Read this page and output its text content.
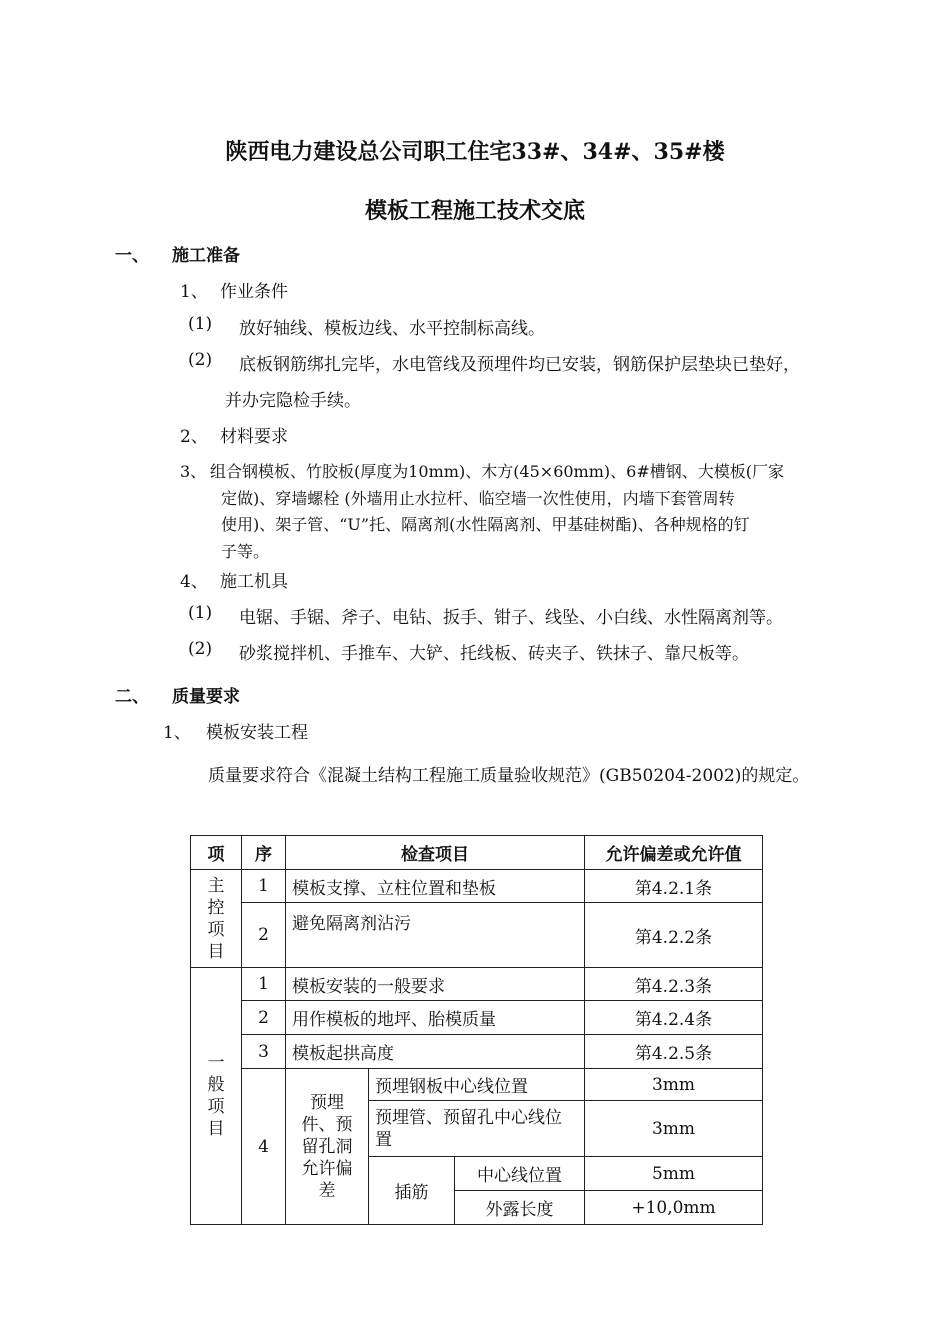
陕西电力建设总公司职工住宅33#、34#、35#楼
模板工程施工技术交底
一、 施工准备
1、 作业条件
(1) 放好轴线、模板边线、水平控制标高线。
(2) 底板钢筋绑扎完毕，水电管线及预埋件均已安装，钢筋保护层垫块已垫好，
并办完隐检手续。
2、 材料要求
3、 组合钢模板、竹胶板(厚度为10mm)、木方(45×60mm)、6#槽钢、大模板(厂家
定做)、穿墙螺栓 (外墙用止水拉杆、临空墙一次性使用，内墙下套管周转
使用)、架子管、“U”托、隔离剂(水性隔离剂、甲基硅树酯)、各种规格的钉
子等。
4、 施工机具
(1) 电锯、手锯、斧子、电钻、扳手、钳子、线坠、小白线、水性隔离剂等。
(2) 砂浆搅拌机、手推车、大铲、托线板、砖夹子、铁抹子、靠尺板等。
二、 质量要求
1、 模板安装工程
质量要求符合《混凝土结构工程施工质量验收规范》(GB50204-2002)的规定。
项	序	检查项目			允许偏差或允许值
主控项目	1	模板支撑、立柱位置和垫板			第4.2.1条
	2	避免隔离剂沾污			第4.2.2条
一般项目	1	模板安装的一般要求			第4.2.3条
	2	用作模板的地坪、胎模质量			第4.2.4条
	3	模板起拱高度			第4.2.5条
	4	预埋件、预留孔洞允许偏差	预埋钢板中心线位置		3mm
			预埋管、预留孔中心线位置		3mm
			插筋	中心线位置	5mm
				外露长度	+10,0mm
